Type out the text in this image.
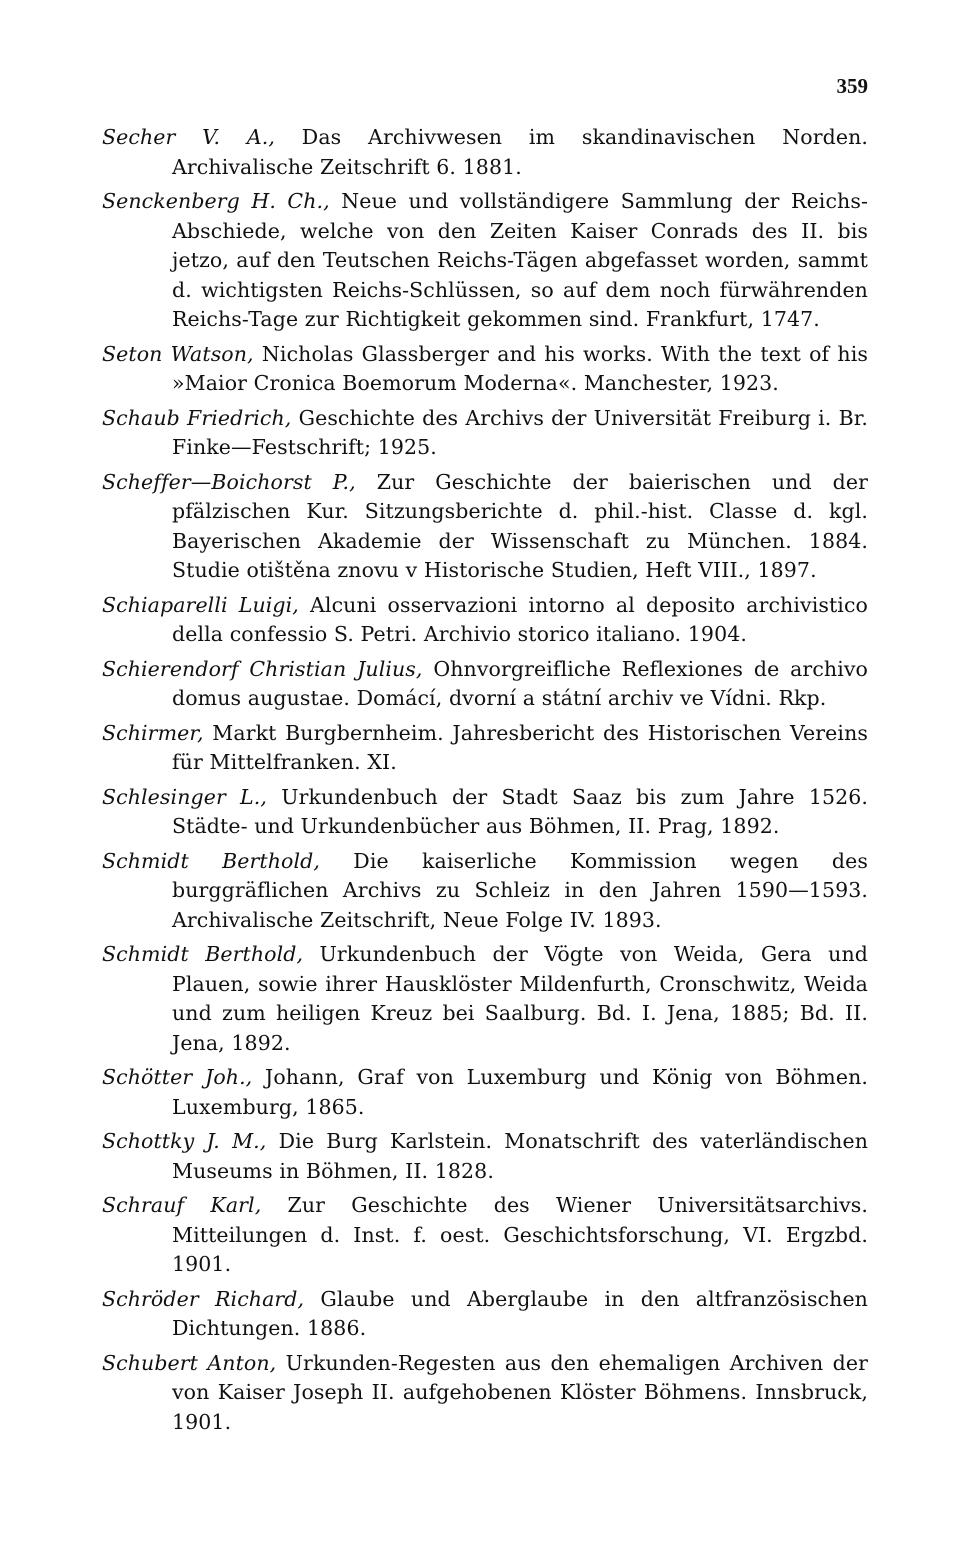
359
Secher V. A., Das Archivwesen im skandinavischen Norden. Archivalische Zeitschrift 6. 1881.
Senckenberg H. Ch., Neue und vollständigere Sammlung der Reichs-Abschiede, welche von den Zeiten Kaiser Conrads des II. bis jetzo, auf den Teutschen Reichs-Tägen abgefasset worden, sammt d. wichtigsten Reichs-Schlüssen, so auf dem noch fürwährenden Reichs-Tage zur Richtigkeit gekommen sind. Frankfurt, 1747.
Seton Watson, Nicholas Glassberger and his works. With the text of his »Maior Cronica Boemorum Moderna«. Manchester, 1923.
Schaub Friedrich, Geschichte des Archivs der Universität Freiburg i. Br. Finke—Festschrift; 1925.
Scheffer—Boichorst P., Zur Geschichte der baierischen und der pfälzischen Kur. Sitzungsberichte d. phil.-hist. Classe d. kgl. Bayerischen Akademie der Wissenschaft zu München. 1884. Studie otištěna znovu v Historische Studien, Heft VIII., 1897.
Schiaparelli Luigi, Alcuni osservazioni intorno al deposito archivistico della confessio S. Petri. Archivio storico italiano. 1904.
Schierendorf Christian Julius, Ohnvorgreifliche Reflexiones de archivo domus augustae. Domácí, dvorní a státní archiv ve Vídni. Rkp.
Schirmer, Markt Burgbernheim. Jahresbericht des Historischen Vereins für Mittelfranken. XI.
Schlesinger L., Urkundenbuch der Stadt Saaz bis zum Jahre 1526. Städte- und Urkundenbücher aus Böhmen, II. Prag, 1892.
Schmidt Berthold, Die kaiserliche Kommission wegen des burggräflichen Archivs zu Schleiz in den Jahren 1590—1593. Archivalische Zeitschrift, Neue Folge IV. 1893.
Schmidt Berthold, Urkundenbuch der Vögte von Weida, Gera und Plauen, sowie ihrer Hausklöster Mildenfurth, Cronschwitz, Weida und zum heiligen Kreuz bei Saalburg. Bd. I. Jena, 1885; Bd. II. Jena, 1892.
Schötter Joh., Johann, Graf von Luxemburg und König von Böhmen. Luxemburg, 1865.
Schottky J. M., Die Burg Karlstein. Monatschrift des vaterländischen Museums in Böhmen, II. 1828.
Schrauf Karl, Zur Geschichte des Wiener Universitätsarchivs. Mitteilungen d. Inst. f. oest. Geschichtsforschung, VI. Ergzbd. 1901.
Schröder Richard, Glaube und Aberglaube in den altfranzösischen Dichtungen. 1886.
Schubert Anton, Urkunden-Regesten aus den ehemaligen Archiven der von Kaiser Joseph II. aufgehobenen Klöster Böhmens. Innsbruck, 1901.
